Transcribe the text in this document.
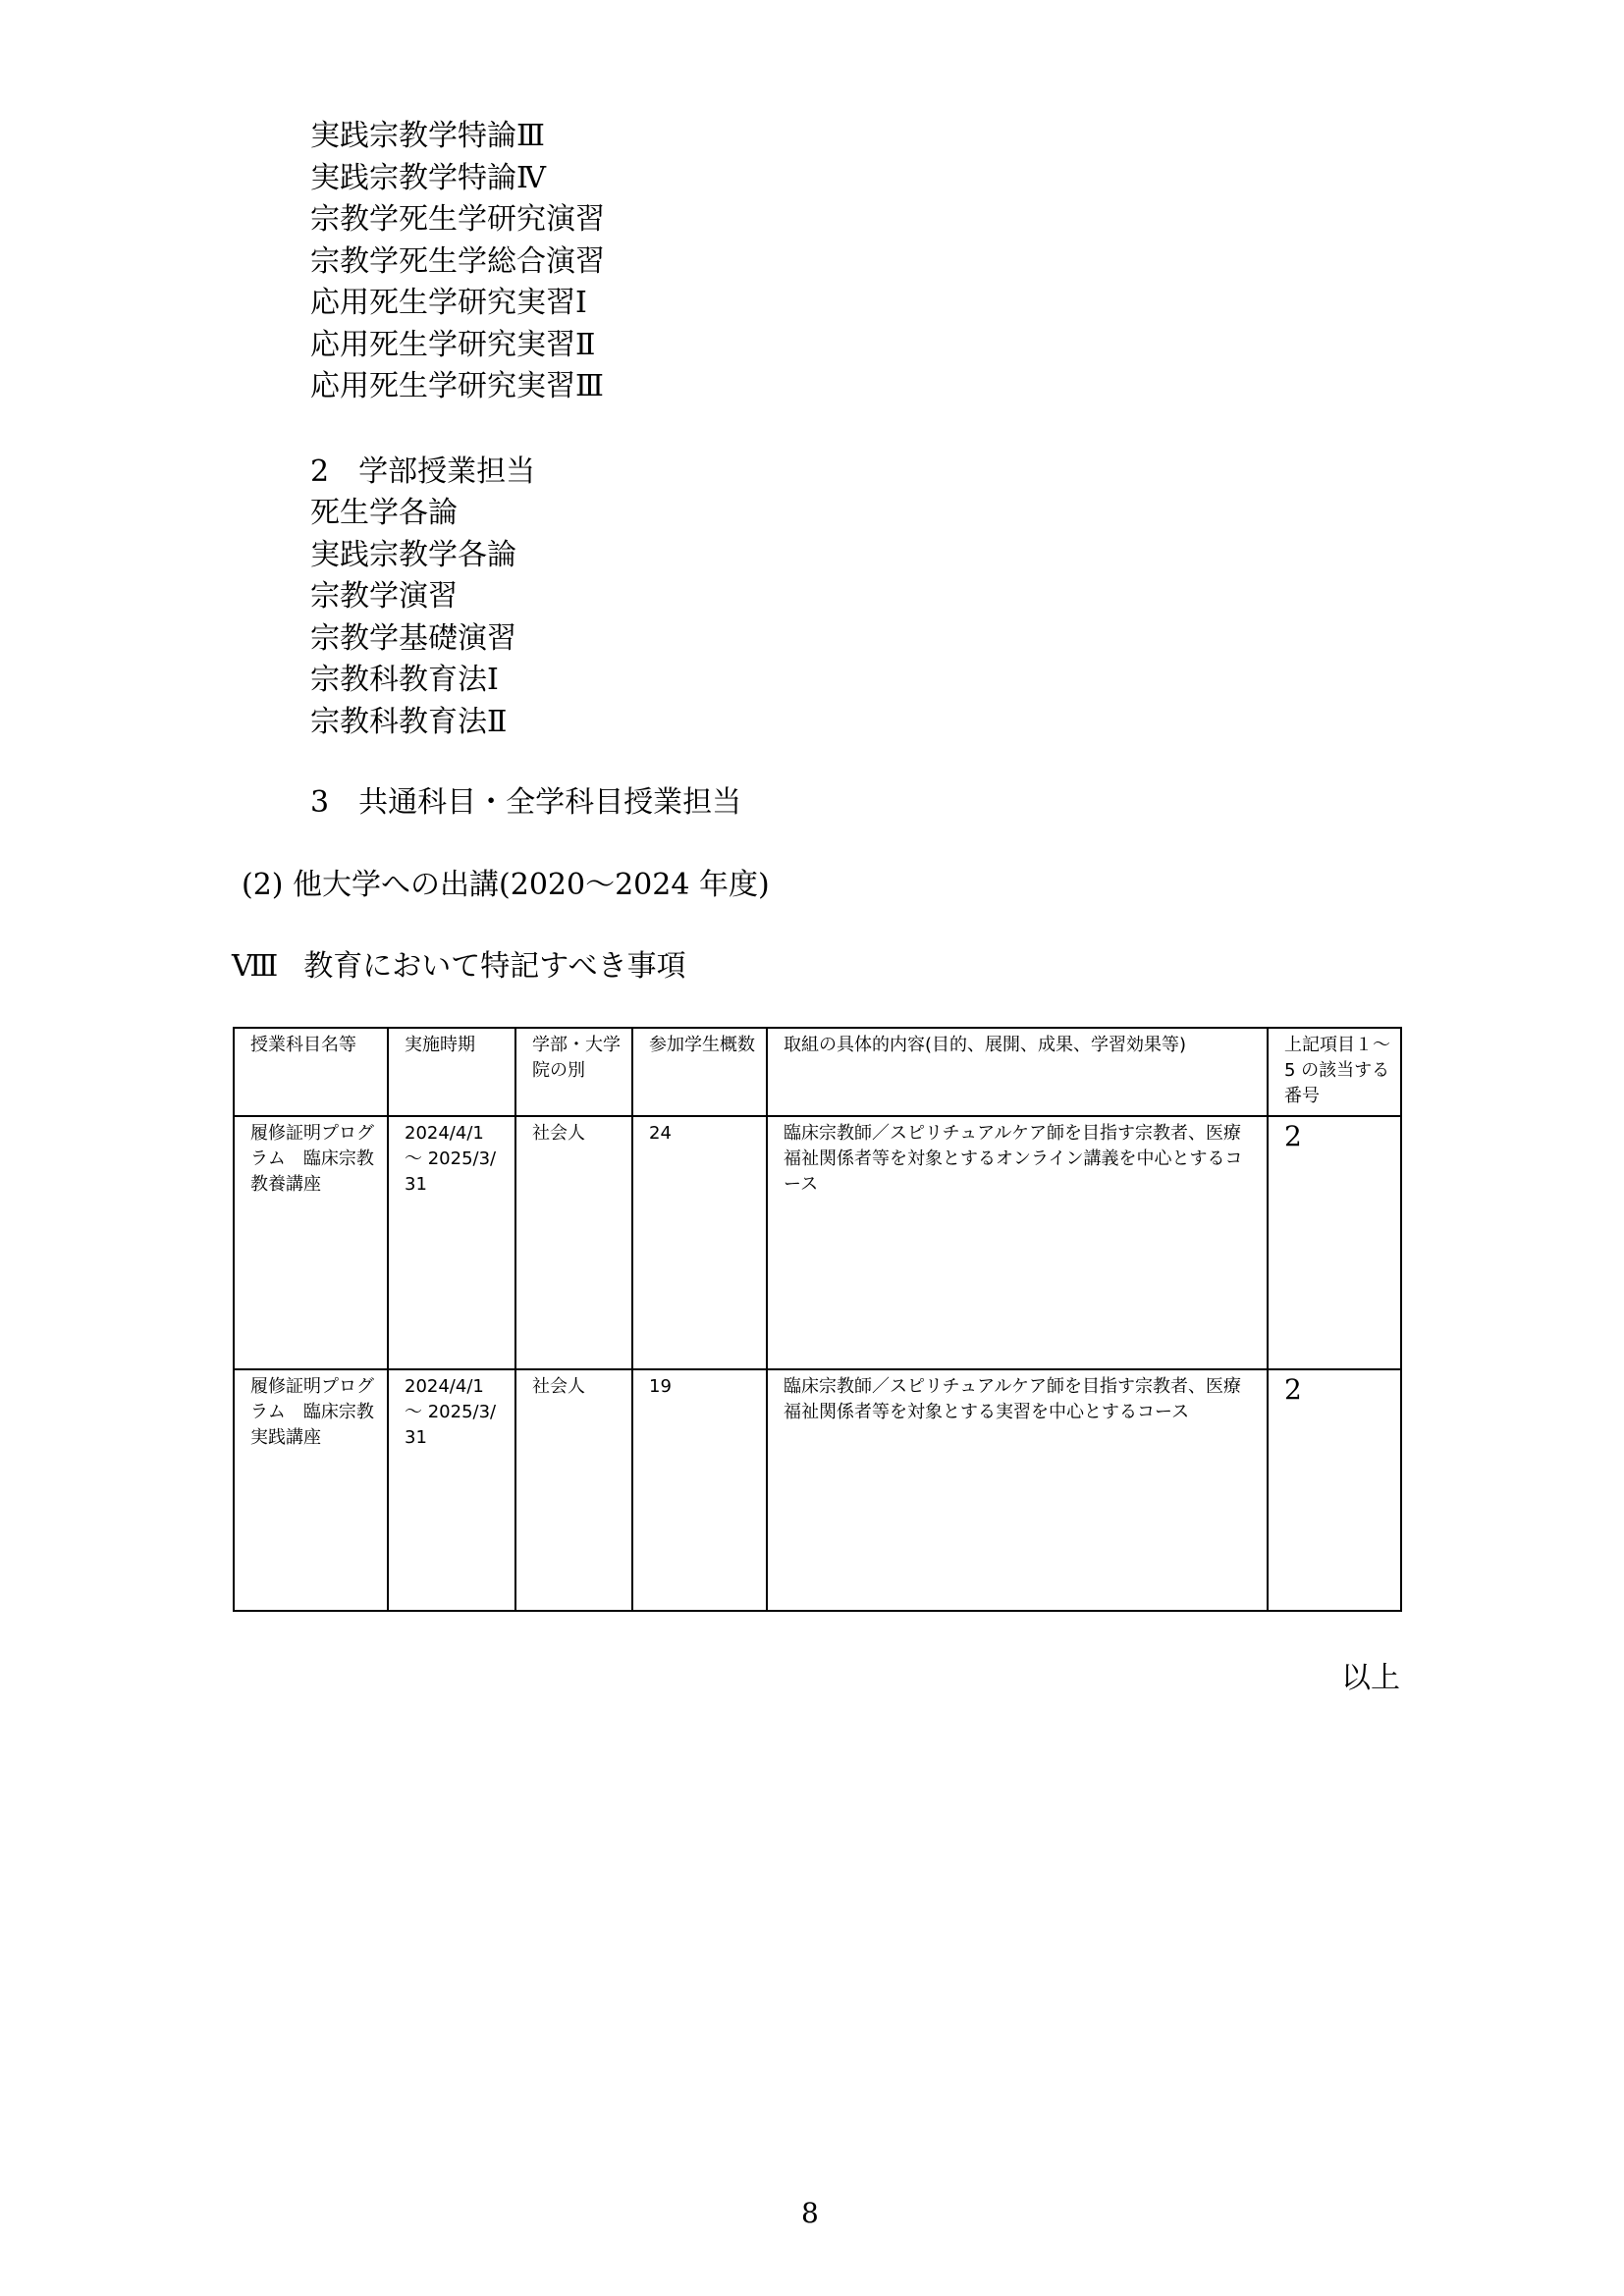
実践宗教学特論Ⅲ
実践宗教学特論Ⅳ
宗教学死生学研究演習
宗教学死生学総合演習
応用死生学研究実習Ⅰ
応用死生学研究実習Ⅱ
応用死生学研究実習Ⅲ
2　学部授業担当
死生学各論
実践宗教学各論
宗教学演習
宗教学基礎演習
宗教科教育法Ⅰ
宗教科教育法Ⅱ
3　共通科目・全学科目授業担当
(2) 他大学への出講(2020～2024 年度)
Ⅷ 教育において特記すべき事項
授業科目名等	実施時期	学部・大学院の別	参加学生概数	取組の具体的内容(目的、展開、成果、学習効果等)	上記項目１～5 の該当する番号
履修証明プログラム　臨床宗教教養講座	2024/4/1 ～ 2025/3/31	社会人	24	臨床宗教師／スピリチュアルケア師を目指す宗教者、医療福祉関係者等を対象とするオンライン講義を中心とするコース	2
履修証明プログラム　臨床宗教実践講座	2024/4/1 ～ 2025/3/31	社会人	19	臨床宗教師／スピリチュアルケア師を目指す宗教者、医療福祉関係者等を対象とする実習を中心とするコース	2
以上
8
